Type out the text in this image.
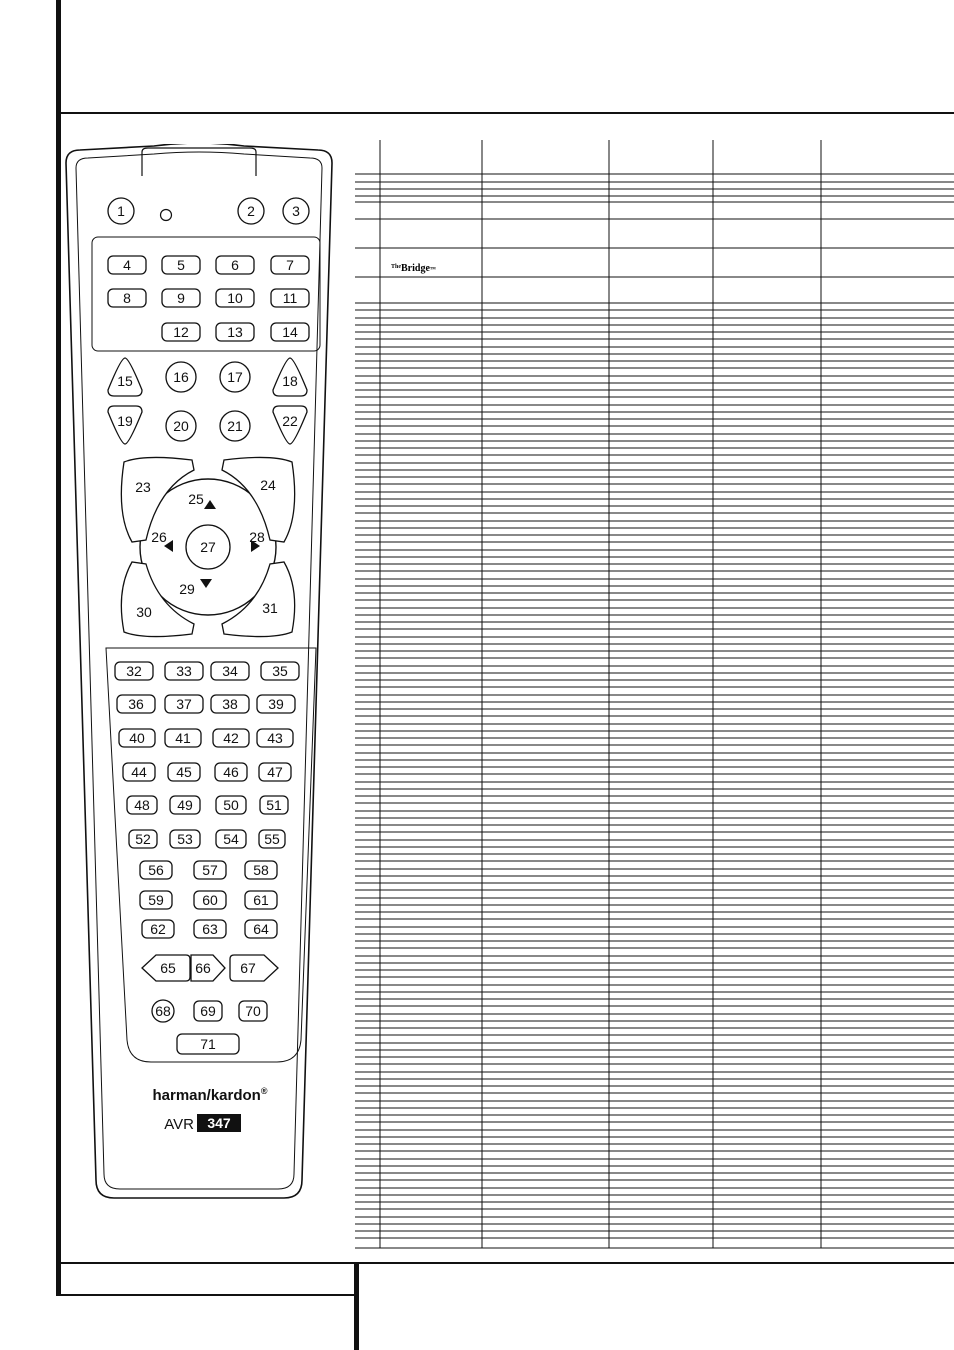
1	2	3
4	5	6	7
8	9	10	11
12	13	14
15	16	17	18
19	20	21	22
23	24
25
26
27
28
29
30	31
32 33 34 35
36 37 38 39
40 41 42 43
44 45 46 47
48 49 50 51
52 53 54 55
56	57	58
59	60	61
62	63	64
65 66 67
68 69 70
71
harman/kardon®
AVR 347
$^{The}$Bridge™
